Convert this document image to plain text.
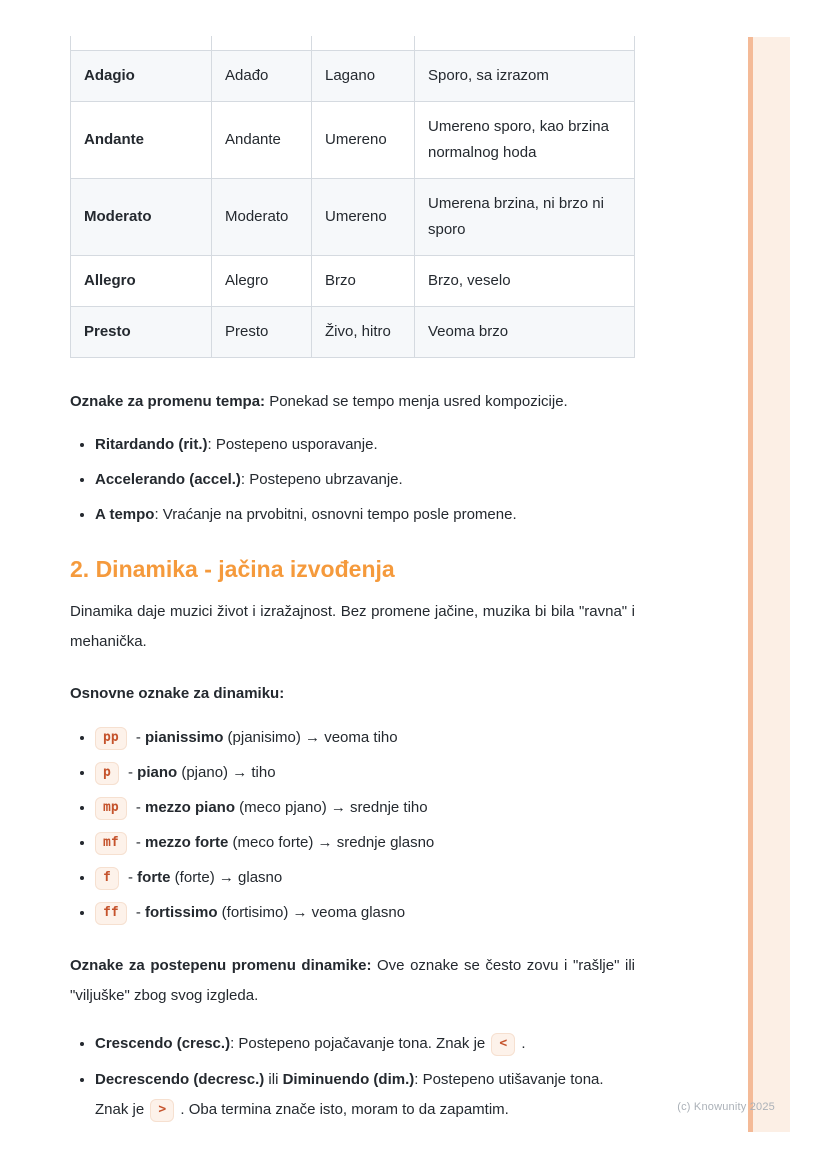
Adagio	Adađo	Lagano	Sporo, sa izrazom
Andante	Andante	Umereno	Umereno sporo, kao brzina normalnog hoda
Moderato	Moderato	Umereno	Umerena brzina, ni brzo ni sporo
Allegro	Alegro	Brzo	Brzo, veselo
Presto	Presto	Živo, hitro	Veoma brzo

Oznake za promenu tempa: Ponekad se tempo menja usred kompozicije.

• Ritardando (rit.): Postepeno usporavanje.
• Accelerando (accel.): Postepeno ubrzavanje.
• A tempo: Vraćanje na prvobitni, osnovni tempo posle promene.
2. Dinamika - jačina izvođenja

Dinamika daje muzici život i izražajnost. Bez promene jačine, muzika bi bila "ravna" i mehanička.

Osnovne oznake za dinamiku:

• pp - pianissimo (pjanisimo) → veoma tiho
• p - piano (pjano) → tiho
• mp - mezzo piano (meco pjano) → srednje tiho
• mf - mezzo forte (meco forte) → srednje glasno
• f - forte (forte) → glasno
• ff - fortissimo (fortisimo) → veoma glasno

Oznake za postepenu promenu dinamike: Ove oznake se često zovu i "rašlje" ili "viljuške" zbog svog izgleda.

• Crescendo (cresc.): Postepeno pojačavanje tona. Znak je < .
• Decrescendo (decresc.) ili Diminuendo (dim.): Postepeno utišavanje tona. Znak je > . Oba termina znače isto, moram to da zapamtim.	(c) Knowunity 2025
